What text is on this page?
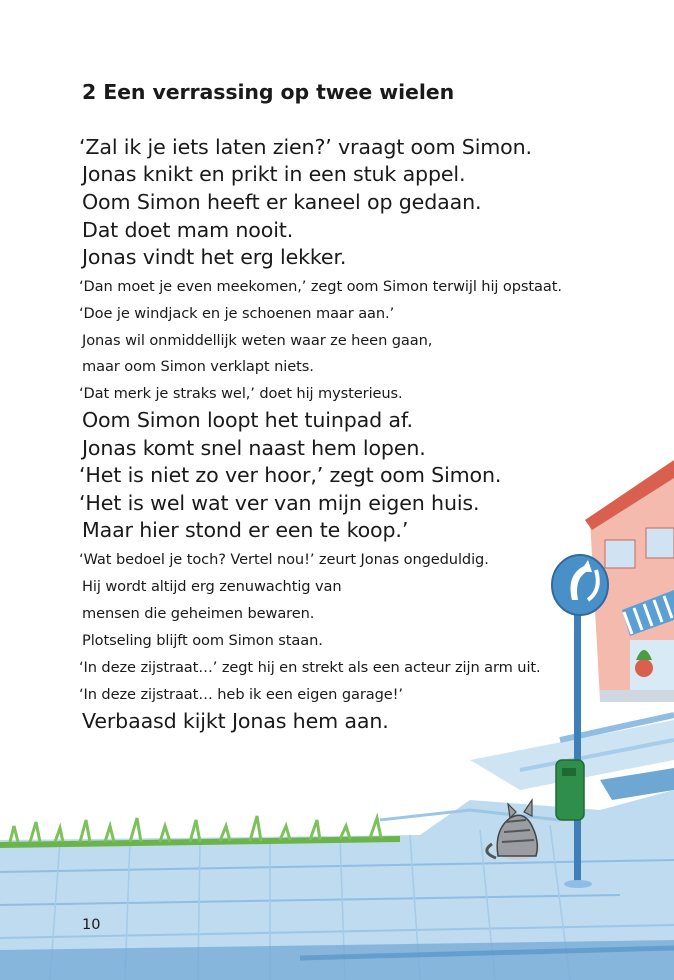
2 Een verrassing op twee wielen
‘Zal ik je iets laten zien?’ vraagt oom Simon.
Jonas knikt en prikt in een stuk appel.
Oom Simon heeft er kaneel op gedaan.
Dat doet mam nooit.
Jonas vindt het erg lekker.
‘Dan moet je even meekomen,’ zegt oom Simon terwijl hij opstaat.
‘Doe je windjack en je schoenen maar aan.’
Jonas wil onmiddellijk weten waar ze heen gaan,
maar oom Simon verklapt niets.
‘Dat merk je straks wel,’ doet hij mysterieus.
Oom Simon loopt het tuinpad af.
Jonas komt snel naast hem lopen.
‘Het is niet zo ver hoor,’ zegt oom Simon.
‘Het is wel wat ver van mijn eigen huis.
Maar hier stond er een te koop.’
‘Wat bedoel je toch? Vertel nou!’ zeurt Jonas ongeduldig.
Hij wordt altijd erg zenuwachtig van
mensen die geheimen bewaren.
Plotseling blijft oom Simon staan.
‘In deze zijstraat…’ zegt hij en strekt als een acteur zijn arm uit.
‘In deze zijstraat… heb ik een eigen garage!’
Verbaasd kijkt Jonas hem aan.
10
